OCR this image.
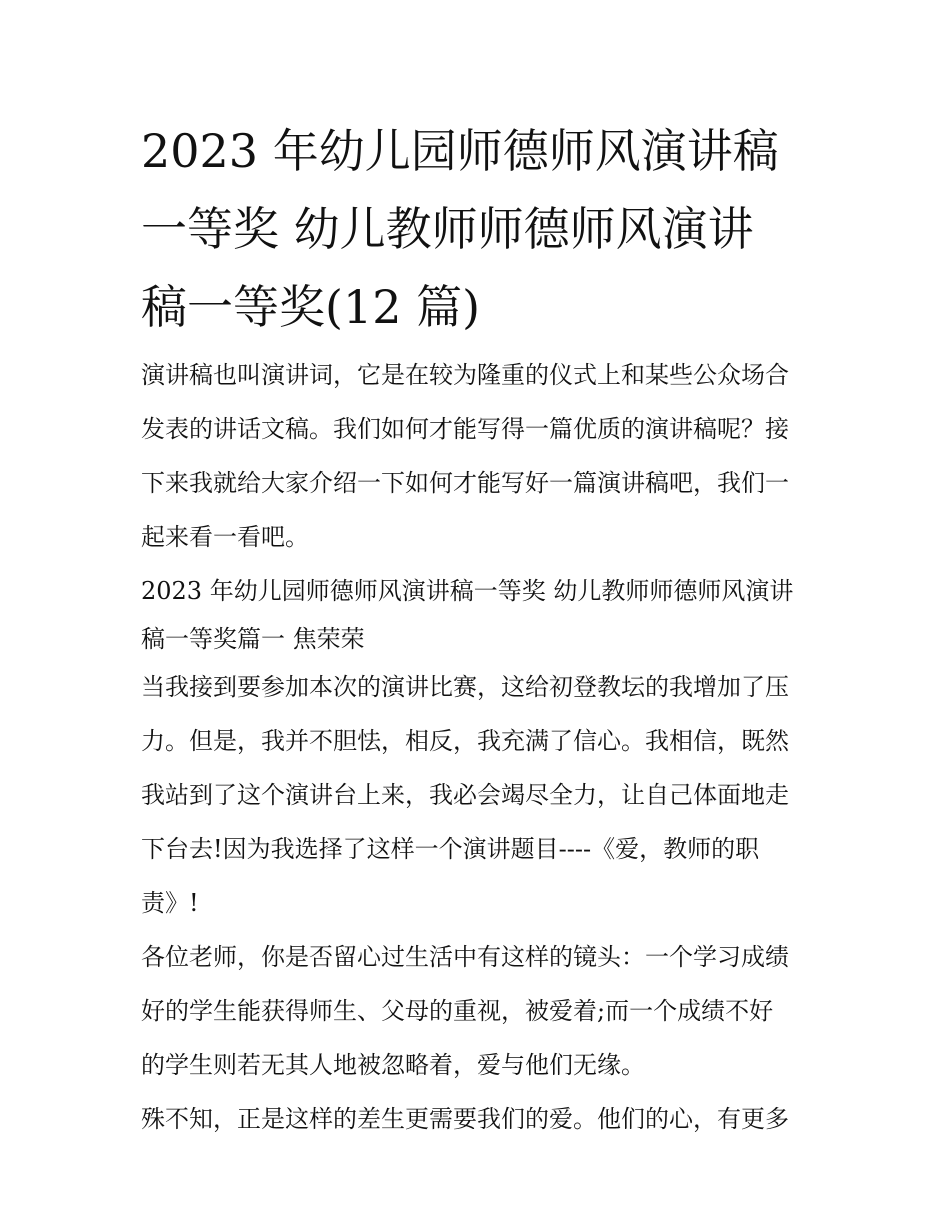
2023 年幼儿园师德师风演讲稿
一等奖 幼儿教师师德师风演讲
稿一等奖(12 篇)

演讲稿也叫演讲词，它是在较为隆重的仪式上和某些公众场合
发表的讲话文稿。我们如何才能写得一篇优质的演讲稿呢？接
下来我就给大家介绍一下如何才能写好一篇演讲稿吧，我们一
起来看一看吧。

2023 年幼儿园师德师风演讲稿一等奖 幼儿教师师德师风演讲
稿一等奖篇一 焦荣荣

当我接到要参加本次的演讲比赛，这给初登教坛的我增加了压
力。但是，我并不胆怯，相反，我充满了信心。我相信，既然
我站到了这个演讲台上来，我必会竭尽全力，让自己体面地走
下台去!因为我选择了这样一个演讲题目----《爱，教师的职
责》!

各位老师，你是否留心过生活中有这样的镜头：一个学习成绩
好的学生能获得师生、父母的重视，被爱着;而一个成绩不好
的学生则若无其人地被忽略着，爱与他们无缘。

殊不知，正是这样的差生更需要我们的爱。他们的心，有更多
